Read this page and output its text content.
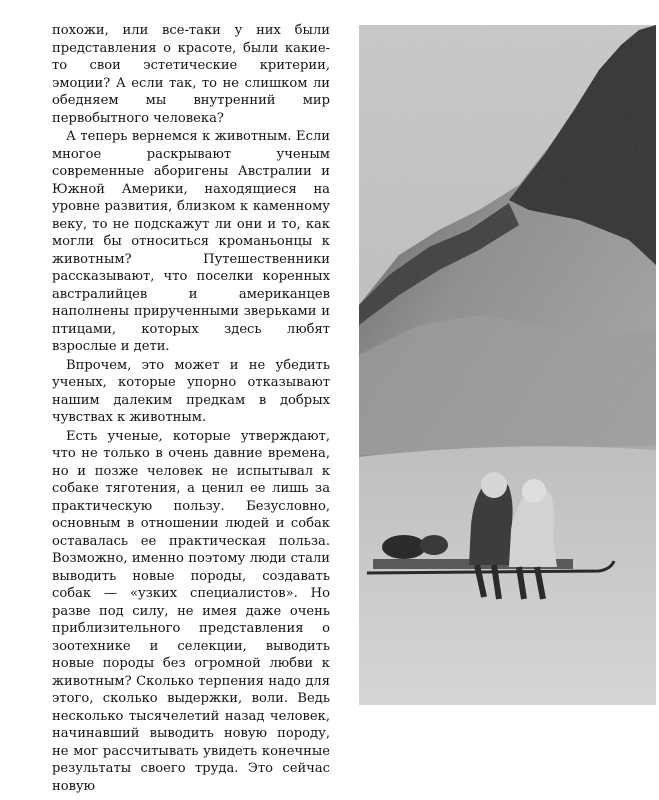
похожи, или все-таки у них были представления о красоте, были какие-то свои эстетические критерии, эмоции? А если так, то не слишком ли обедняем мы внутренний мир первобытного человека?

А теперь вернемся к животным. Если многое раскрывают ученым современные аборигены Австралии и Южной Америки, находящиеся на уровне развития, близком к каменному веку, то не подскажут ли они и то, как могли бы относиться кроманьонцы к животным? Путешественники рассказывают, что поселки коренных австралийцев и американцев наполнены прирученными зверьками и птицами, которых здесь любят взрослые и дети.

Впрочем, это может и не убедить ученых, которые упорно отказывают нашим далеким предкам в добрых чувствах к животным.

Есть ученые, которые утверждают, что не только в очень давние времена, но и позже человек не испытывал к собаке тяготения, а ценил ее лишь за практическую пользу. Безусловно, основным в отношении людей и собак оставалась ее практическая польза. Возможно, именно поэтому люди стали выводить новые породы, создавать собак — «узких специалистов». Но разве под силу, не имея даже очень приблизительного представления о зоотехнике и селекции, выводить новые породы без огромной любви к животным? Сколько терпения надо для этого, сколько выдержки, воли. Ведь несколько тысячелетий назад человек, начинавший выводить новую породу, не мог рассчитывать увидеть конечные результаты своего труда. Это сейчас новую
